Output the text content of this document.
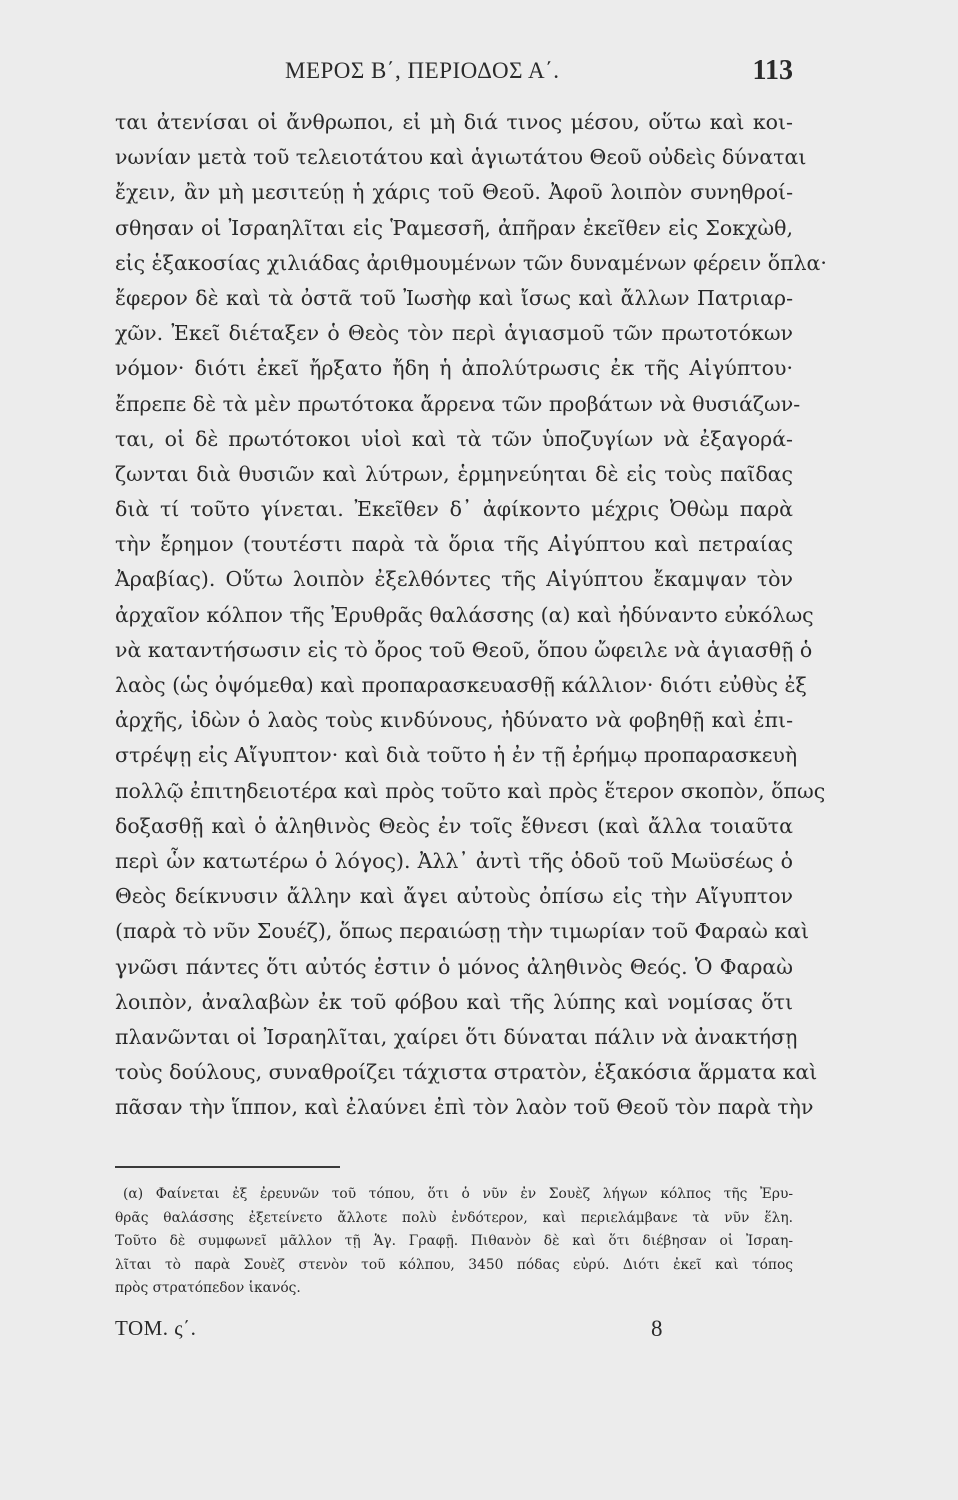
ΜΕΡΟΣ Β΄, ΠΕΡΙΟΔΟΣ Α΄.	113
ται ἀτενίσαι οἱ ἄνθρωποι, εἰ μὴ διά τινος μέσου, οὕτω καὶ κοι-
νωνίαν μετὰ τοῦ τελειοτάτου καὶ ἁγιωτάτου Θεοῦ οὐδεὶς δύναται
ἔχειν, ἂν μὴ μεσιτεύῃ ἡ χάρις τοῦ Θεοῦ. Ἀφοῦ λοιπὸν συνηθροί-
σθησαν οἱ Ἰσραηλῖται εἰς Ῥαμεσσῆ, ἀπῆραν ἐκεῖθεν εἰς Σοκχὼθ,
εἰς ἑξακοσίας χιλιάδας ἀριθμουμένων τῶν δυναμένων φέρειν ὅπλα·
ἔφερον δὲ καὶ τὰ ὀστᾶ τοῦ Ἰωσὴφ καὶ ἴσως καὶ ἄλλων Πατριαρ-
χῶν. Ἐκεῖ διέταξεν ὁ Θεὸς τὸν περὶ ἁγιασμοῦ τῶν πρωτοτόκων
νόμον· διότι ἐκεῖ ἤρξατο ἤδη ἡ ἀπολύτρωσις ἐκ τῆς Αἰγύπτου·
ἔπρεπε δὲ τὰ μὲν πρωτότοκα ἄρρενα τῶν προβάτων νὰ θυσιάζων-
ται, οἱ δὲ πρωτότοκοι υἱοὶ καὶ τὰ τῶν ὑποζυγίων νὰ ἐξαγορά-
ζωνται διὰ θυσιῶν καὶ λύτρων, ἑρμηνεύηται δὲ εἰς τοὺς παῖδας
διὰ τί τοῦτο γίνεται. Ἐκεῖθεν δ᾽ ἀφίκοντο μέχρις Ὀθὼμ παρὰ
τὴν ἔρημον (τουτέστι παρὰ τὰ ὅρια τῆς Αἰγύπτου καὶ πετραίας
Ἀραβίας). Οὕτω λοιπὸν ἐξελθόντες τῆς Αἰγύπτου ἔκαμψαν τὸν
ἀρχαῖον κόλπον τῆς Ἐρυθρᾶς θαλάσσης (α) καὶ ἠδύναντο εὐκόλως
νὰ καταντήσωσιν εἰς τὸ ὄρος τοῦ Θεοῦ, ὅπου ὤφειλε νὰ ἁγιασθῇ ὁ
λαὸς (ὡς ὀψόμεθα) καὶ προπαρασκευασθῇ κάλλιον· διότι εὐθὺς ἐξ
ἀρχῆς, ἰδὼν ὁ λαὸς τοὺς κινδύνους, ἠδύνατο νὰ φοβηθῇ καὶ ἐπι-
στρέψῃ εἰς Αἴγυπτον· καὶ διὰ τοῦτο ἡ ἐν τῇ ἐρήμῳ προπαρασκευὴ
πολλῷ ἐπιτηδειοτέρα καὶ πρὸς τοῦτο καὶ πρὸς ἕτερον σκοπὸν, ὅπως
δοξασθῇ καὶ ὁ ἀληθινὸς Θεὸς ἐν τοῖς ἔθνεσι (καὶ ἄλλα τοιαῦτα
περὶ ὧν κατωτέρω ὁ λόγος). Ἀλλ᾽ ἀντὶ τῆς ὁδοῦ τοῦ Μωϋσέως ὁ
Θεὸς δείκνυσιν ἄλλην καὶ ἄγει αὐτοὺς ὀπίσω εἰς τὴν Αἴγυπτον
(παρὰ τὸ νῦν Σουέζ), ὅπως περαιώσῃ τὴν τιμωρίαν τοῦ Φαραὼ καὶ
γνῶσι πάντες ὅτι αὐτός ἐστιν ὁ μόνος ἀληθινὸς Θεός. Ὁ Φαραὼ
λοιπὸν, ἀναλαβὼν ἐκ τοῦ φόβου καὶ τῆς λύπης καὶ νομίσας ὅτι
πλανῶνται οἱ Ἰσραηλῖται, χαίρει ὅτι δύναται πάλιν νὰ ἀνακτήσῃ
τοὺς δούλους, συναθροίζει τάχιστα στρατὸν, ἑξακόσια ἅρματα καὶ
πᾶσαν τὴν ἵππον, καὶ ἐλαύνει ἐπὶ τὸν λαὸν τοῦ Θεοῦ τὸν παρὰ τὴν
(α) Φαίνεται ἐξ ἐρευνῶν τοῦ τόπου, ὅτι ὁ νῦν ἐν Σουὲζ λήγων κόλπος τῆς Ἐρυ-
θρᾶς θαλάσσης ἐξετείνετο ἄλλοτε πολὺ ἐνδότερον, καὶ περιελάμβανε τὰ νῦν ἕλη.
Τοῦτο δὲ συμφωνεῖ μᾶλλον τῇ Ἁγ. Γραφῇ. Πιθανὸν δὲ καὶ ὅτι διέβησαν οἱ Ἰσραη-
λῖται τὸ παρὰ Σουὲζ στενὸν τοῦ κόλπου, 3450 πόδας εὐρύ. Διότι ἐκεῖ καὶ τόπος
πρὸς στρατόπεδον ἱκανός.
ΤΟΜ. ς΄.	8
